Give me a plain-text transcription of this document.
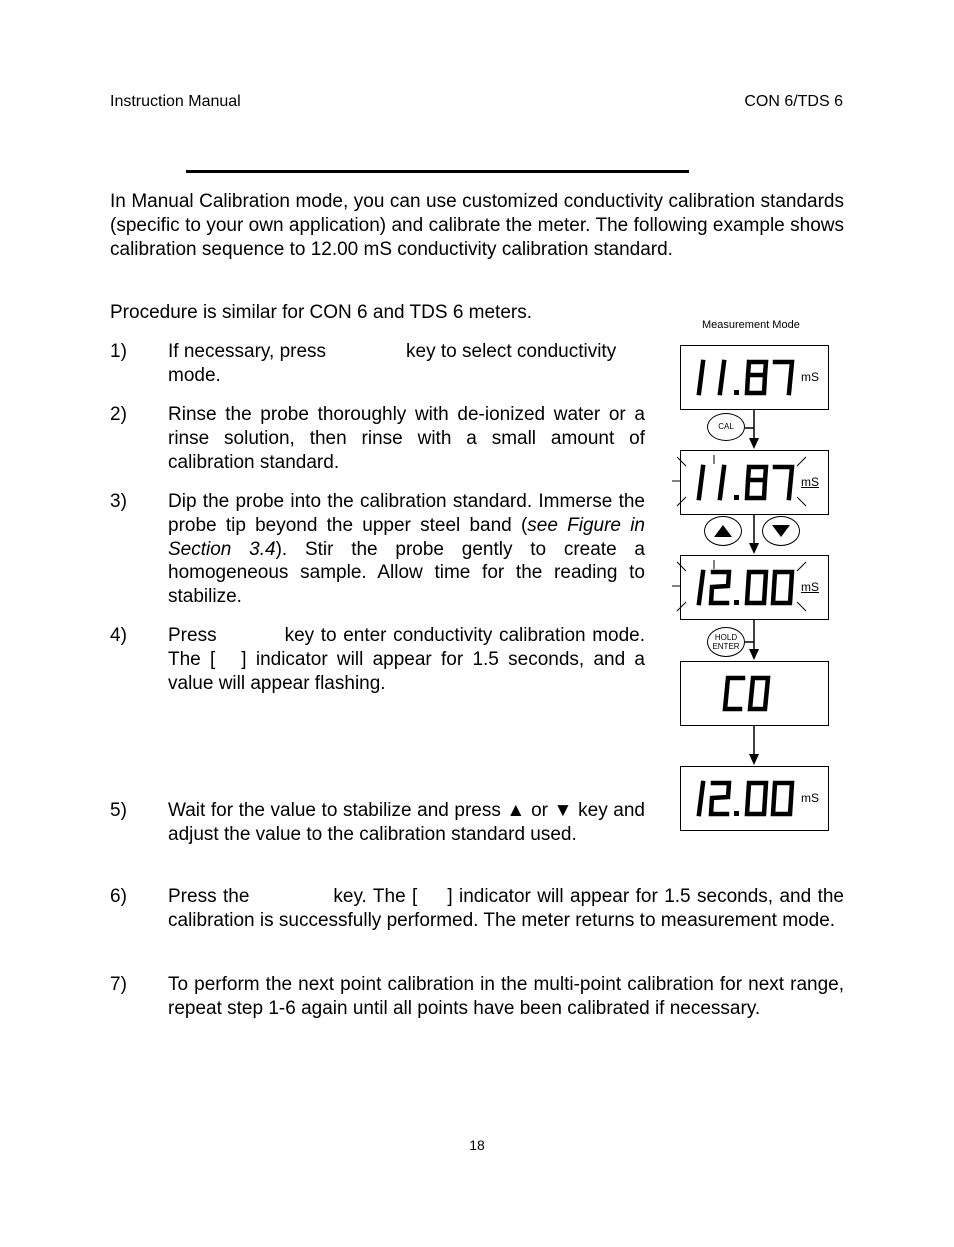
Instruction Manual	CON 6/TDS 6
In Manual Calibration mode, you can use customized conductivity calibration standards (specific to your own application) and calibrate the meter. The following example shows calibration sequence to 12.00 mS conductivity calibration standard.
Procedure is similar for CON 6 and TDS 6 meters.
1) If necessary, press	key to select conductivity mode.
2) Rinse the probe thoroughly with de-ionized water or a rinse solution, then rinse with a small amount of calibration standard.
3) Dip the probe into the calibration standard. Immerse the probe tip beyond the upper steel band (see Figure in Section 3.4). Stir the probe gently to create a homogeneous sample. Allow time for the reading to stabilize.
4) Press	key to enter conductivity calibration mode. The [ ] indicator will appear for 1.5 seconds, and a value will appear flashing.
5) Wait for the value to stabilize and press ▲ or ▼ key and adjust the value to the calibration standard used.
6) Press the	key. The [ ] indicator will appear for 1.5 seconds, and the calibration is successfully performed. The meter returns to measurement mode.
7) To perform the next point calibration in the multi-point calibration for next range, repeat step 1-6 again until all points have been calibrated if necessary.
Measurement Mode
mS
CAL
mS
mS
HOLD
ENTER
mS
18
